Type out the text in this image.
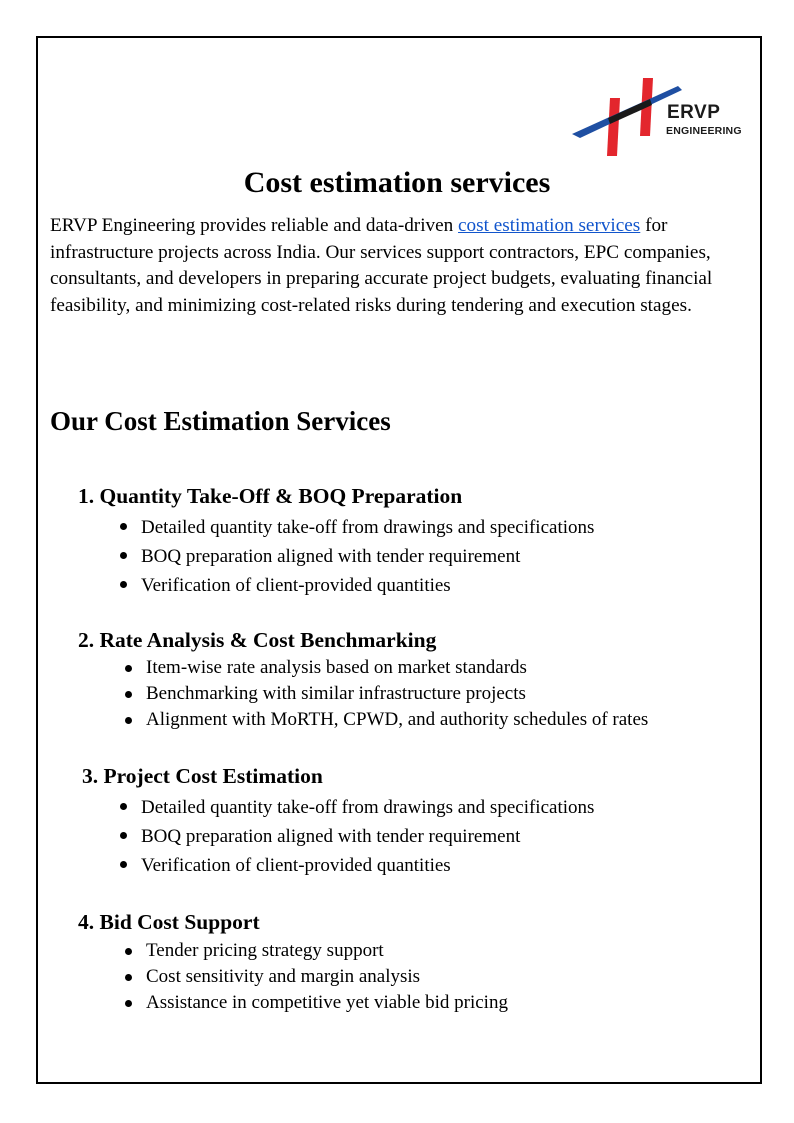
ERVP
ENGINEERING
Cost estimation services

ERVP Engineering provides reliable and data-driven cost estimation services for infrastructure projects across India. Our services support contractors, EPC companies, consultants, and developers in preparing accurate project budgets, evaluating financial feasibility, and minimizing cost-related risks during tendering and execution stages.

Our Cost Estimation Services
1. Quantity Take-Off & BOQ Preparation
Detailed quantity take-off from drawings and specifications
BOQ preparation aligned with tender requirement
Verification of client-provided quantities
2. Rate Analysis & Cost Benchmarking
Item-wise rate analysis based on market standards
Benchmarking with similar infrastructure projects
Alignment with MoRTH, CPWD, and authority schedules of rates
3. Project Cost Estimation
Detailed quantity take-off from drawings and specifications
BOQ preparation aligned with tender requirement
Verification of client-provided quantities
4. Bid Cost Support
Tender pricing strategy support
Cost sensitivity and margin analysis
Assistance in competitive yet viable bid pricing
